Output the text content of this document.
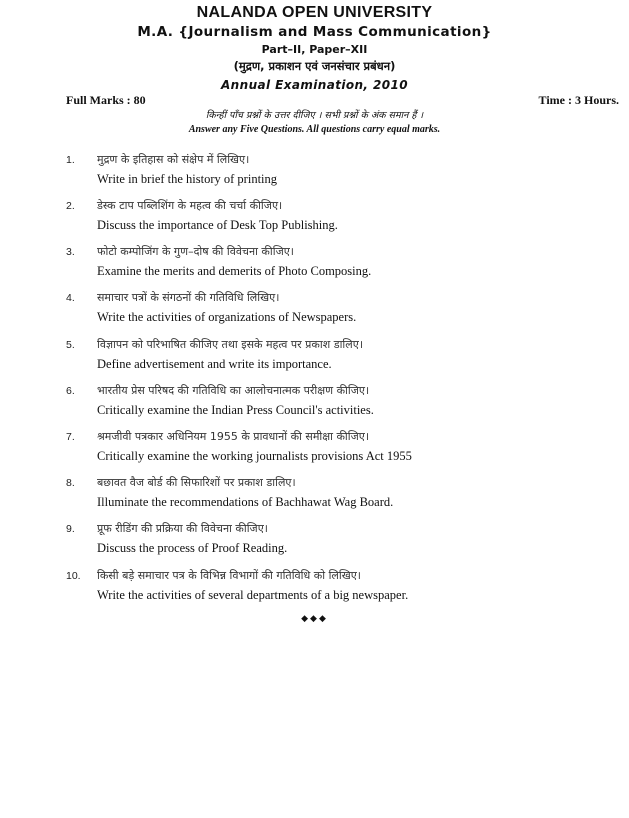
NALANDA OPEN UNIVERSITY
M.A. {Journalism and Mass Communication}
Part–II, Paper–XII
(मुद्रण, प्रकाशन एवं जनसंचार प्रबंधन)
Annual Examination, 2010
Full Marks : 80	Time : 3 Hours.
किन्हीं पाँच प्रश्नों के उत्तर दीजिए । सभी प्रश्नों के अंक समान हैं ।
Answer any Five Questions. All questions carry equal marks.
1. मुद्रण के इतिहास को संक्षेप में लिखिए।
Write in brief the history of printing
2. डेस्क टाप पब्लिशिंग के महत्व की चर्चा कीजिए।
Discuss the importance of Desk Top Publishing.
3. फोटो कम्पोजिंग के गुण–दोष की विवेचना कीजिए।
Examine the merits and demerits of Photo Composing.
4. समाचार पत्रों के संगठनों की गतिविधि लिखिए।
Write the activities of organizations of Newspapers.
5. विज्ञापन को परिभाषित कीजिए तथा इसके महत्व पर प्रकाश डालिए।
Define advertisement and write its importance.
6. भारतीय प्रेस परिषद की गतिविधि का आलोचनात्मक परीक्षण कीजिए।
Critically examine the Indian Press Council's activities.
7. श्रमजीवी पत्रकार अधिनियम 1955 के प्रावधानों की समीक्षा कीजिए।
Critically examine the working journalists provisions Act 1955
8. बछावत वैज बोर्ड की सिफारिशों पर प्रकाश डालिए।
Illuminate the recommendations of Bachhawat Wag Board.
9. प्रूफ रीडिंग की प्रक्रिया की विवेचना कीजिए।
Discuss the process of Proof Reading.
10. किसी बड़े समाचार पत्र के विभिन्न विभागों की गतिविधि को लिखिए।
Write the activities of several departments of a big newspaper.
◆◆◆
